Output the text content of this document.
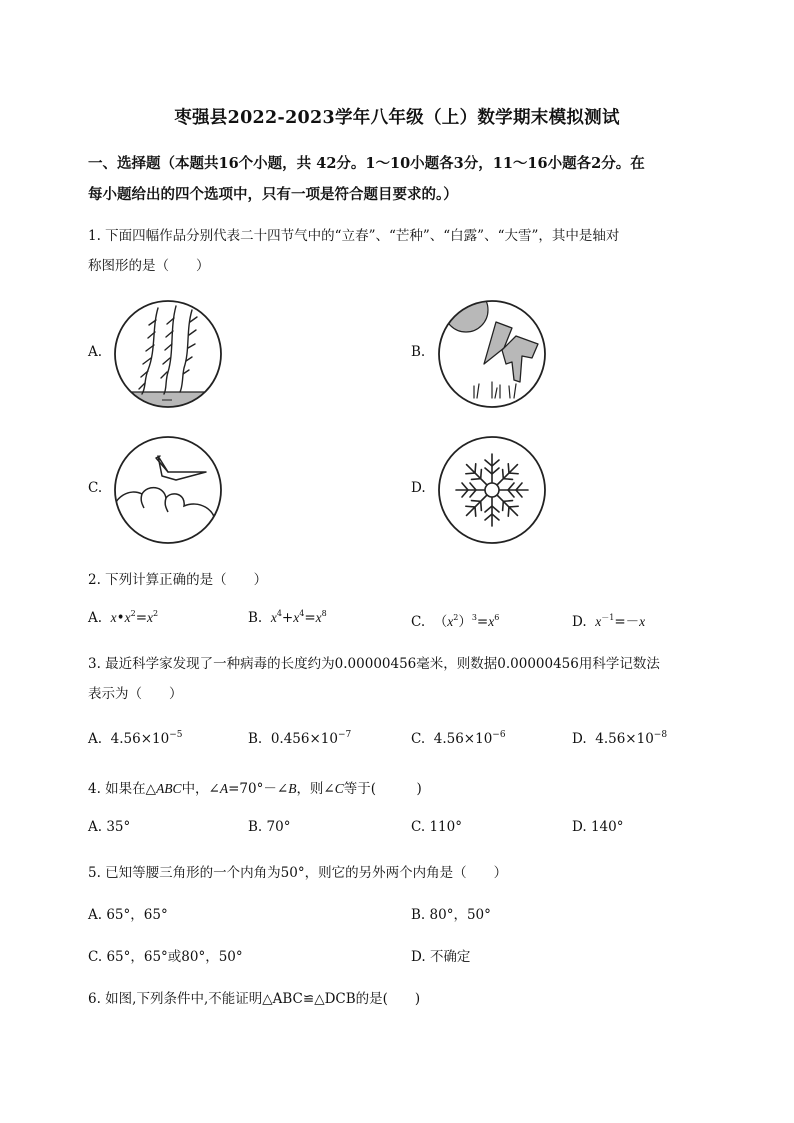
枣强县2022-2023学年八年级（上）数学期末模拟测试
一、选择题（本题共16个小题，共 42分。1～10小题各3分，11～16小题各2分。在
每小题给出的四个选项中，只有一项是符合题目要求的。）
1. 下面四幅作品分别代表二十四节气中的“立春”、“芒种”、“白露”、“大雪”，其中是轴对
称图形的是（　　）
A.	B.
C.	D.
2. 下列计算正确的是（　　）
A. $x•x^2=x^2$	B. $x^4+x^4=x^8$
C. $(x^2)^3=x^6$	D. $x^{-1}=-x$
3. 最近科学家发现了一种病毒的长度约为0.00000456毫米，则数据0.00000456用科学记数法
表示为（　　）
A. $4.56\times 10^{-5}$	B. $0.456\times 10^{-7}$	C. $4.56\times 10^{-6}$	D. $4.56\times 10^{-8}$
4. 如果在△ABC中，∠A=70°－∠B，则∠C等于(　　　)
A. 35°	B. 70°	C. 110°	D. 140°
5. 已知等腰三角形的一个内角为50°，则它的另外两个内角是（　　）
A. 65°，65°	B. 80°，50°
C. 65°，65°或80°，50°	D. 不确定
6. 如图,下列条件中,不能证明△ABC≌△DCB的是(　　)
